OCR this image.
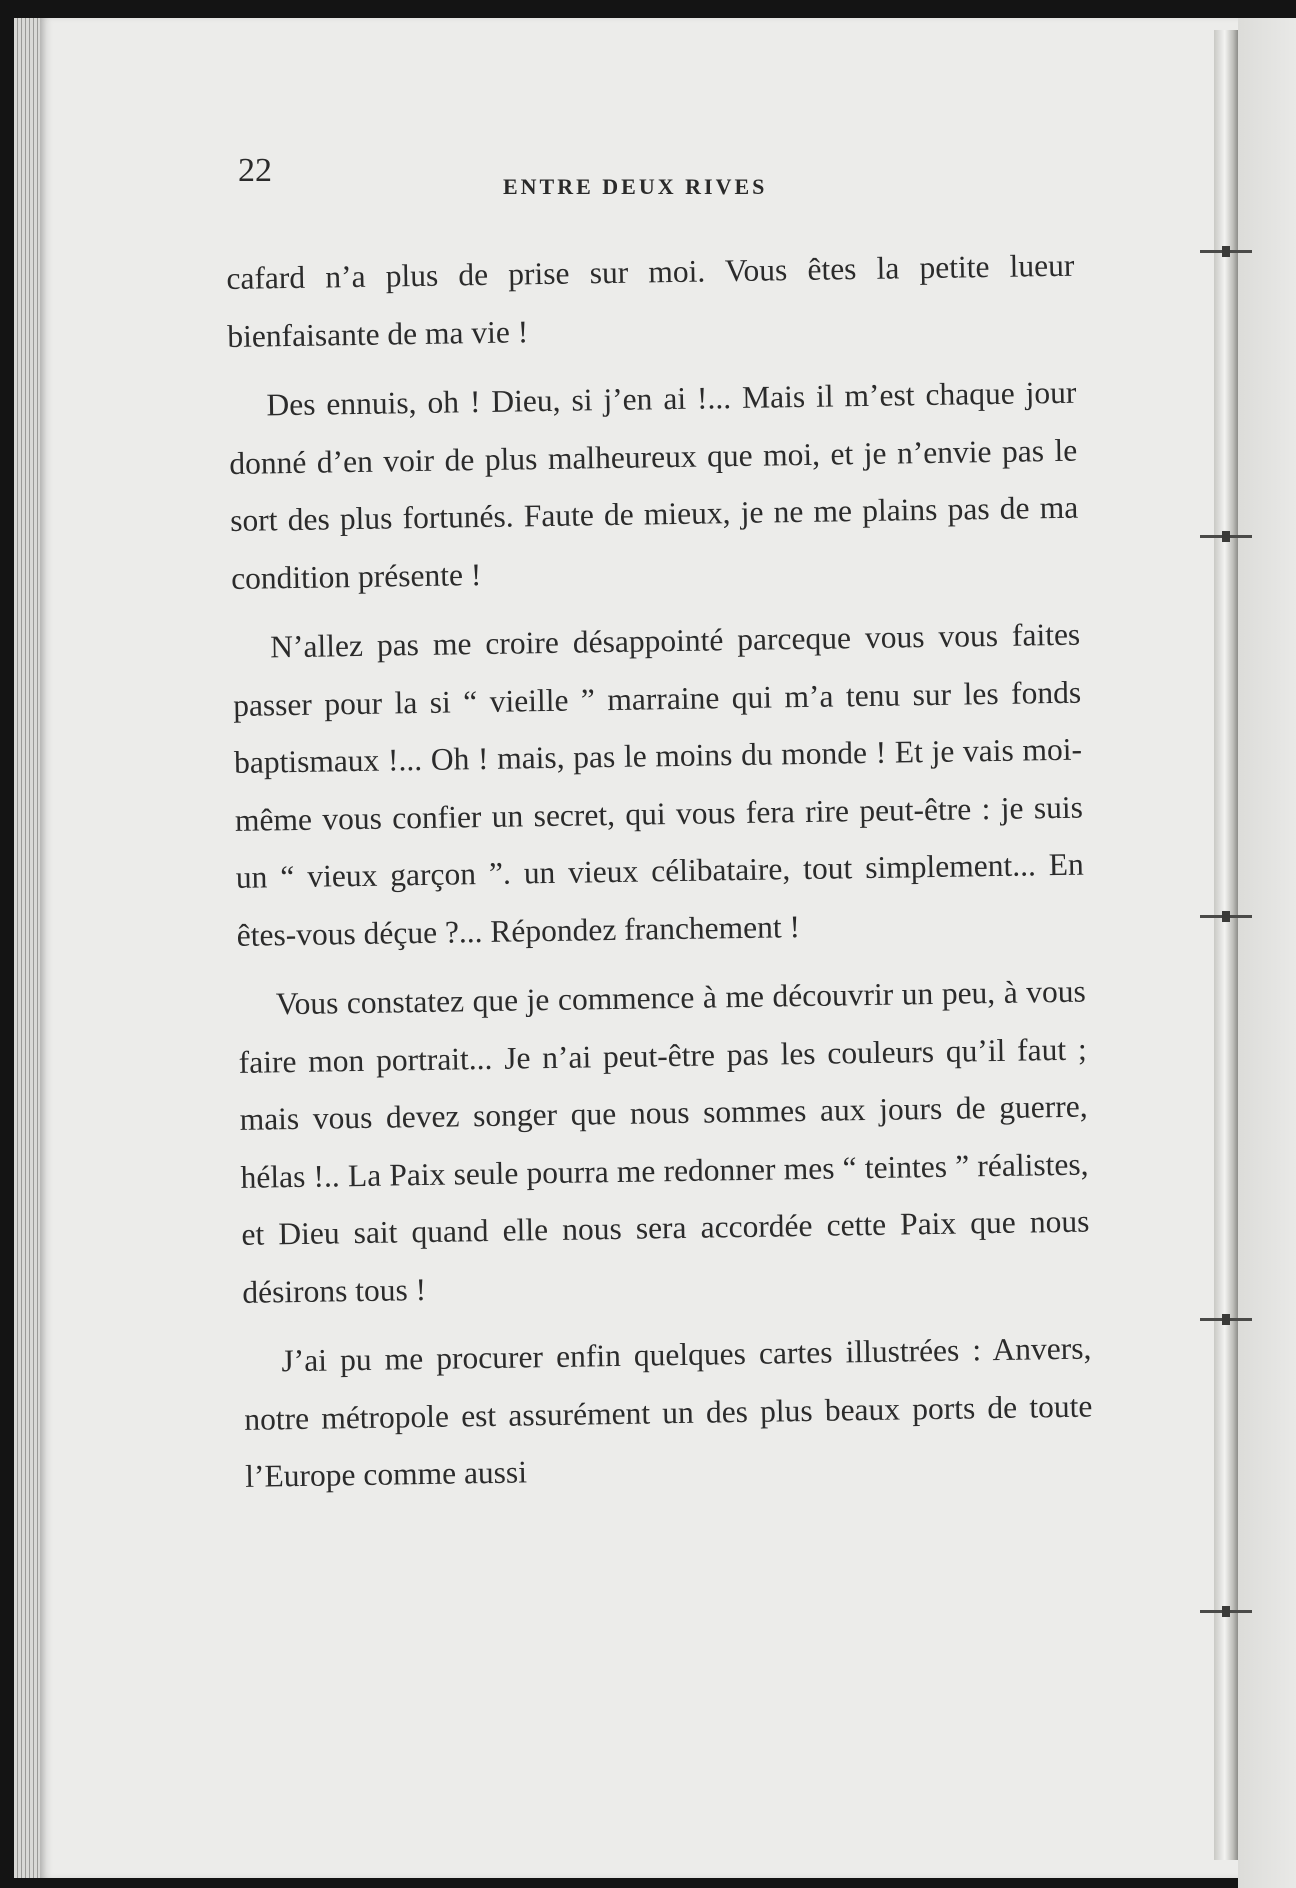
22	ENTRE DEUX RIVES

cafard n’a plus de prise sur moi. Vous êtes la petite lueur bienfaisante de ma vie !

Des ennuis, oh ! Dieu, si j’en ai !... Mais il m’est chaque jour donné d’en voir de plus malheureux que moi, et je n’envie pas le sort des plus fortunés. Faute de mieux, je ne me plains pas de ma condition présente !

N’allez pas me croire désappointé parceque vous vous faites passer pour la si “ vieille ” marraine qui m’a tenu sur les fonds baptismaux !... Oh ! mais, pas le moins du monde ! Et je vais moi-même vous confier un secret, qui vous fera rire peut-être : je suis un “ vieux garçon ”. un vieux célibataire, tout simplement... En êtes-vous déçue ?... Répondez franchement !

Vous constatez que je commence à me découvrir un peu, à vous faire mon portrait... Je n’ai peut-être pas les couleurs qu’il faut ; mais vous devez songer que nous sommes aux jours de guerre, hélas !.. La Paix seule pourra me redonner mes “ teintes ” réalistes, et Dieu sait quand elle nous sera accordée cette Paix que nous désirons tous !

J’ai pu me procurer enfin quelques cartes illustrées : Anvers, notre métropole est assurément un des plus beaux ports de toute l’Europe comme aussi
